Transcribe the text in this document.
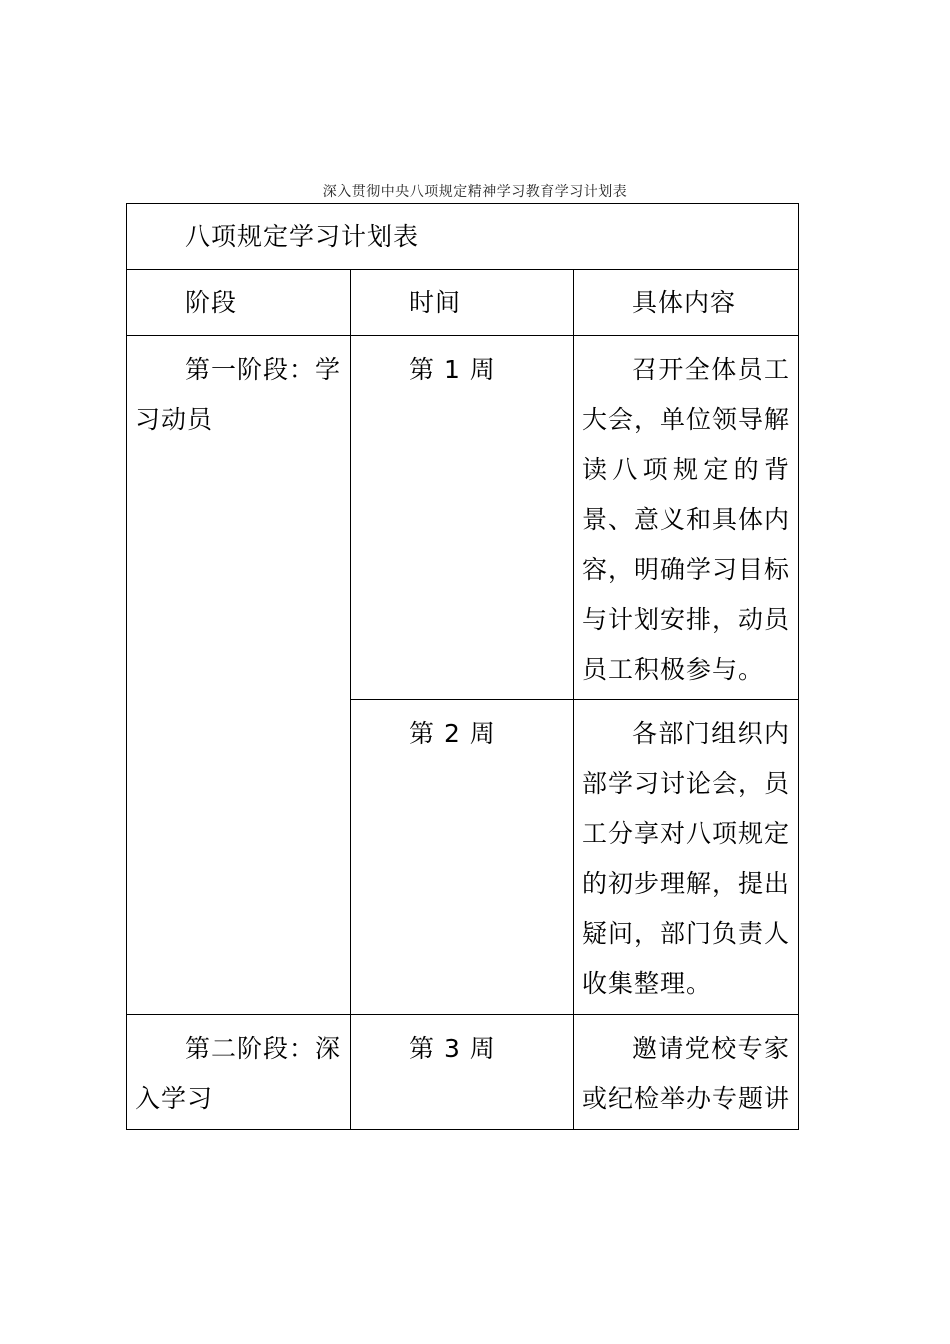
深入贯彻中央八项规定精神学习教育学习计划表
八项规定学习计划表		

阶段	时间	具体内容

第一阶段：学习动员	第 1 周	召开全体员工大会，单位领导解读八项规定的背景、意义和具体内容，明确学习目标与计划安排，动员员工积极参与。

	第 2 周	各部门组织内部学习讨论会，员工分享对八项规定的初步理解，提出疑问，部门负责人收集整理。

第二阶段：深入学习	第 3 周	邀请党校专家或纪检举办专题讲
